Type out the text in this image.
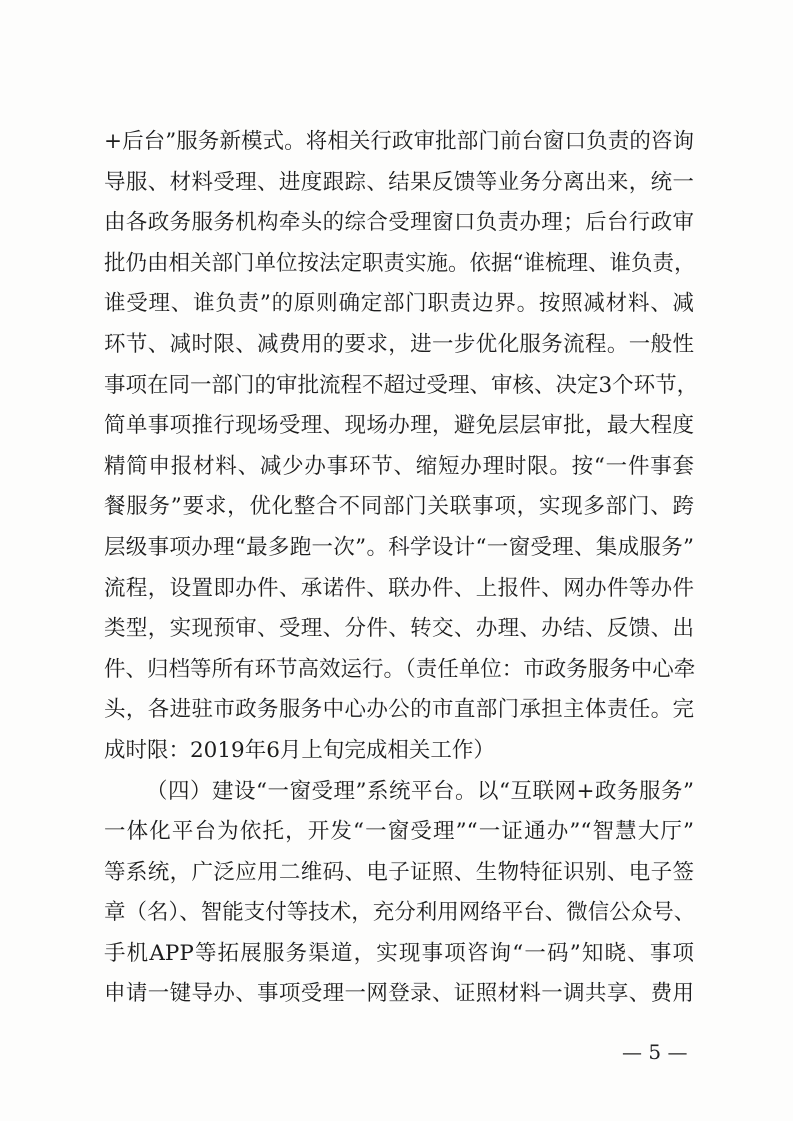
+后台”服务新模式。将相关行政审批部门前台窗口负责的咨询
导服、材料受理、进度跟踪、结果反馈等业务分离出来，统一
由各政务服务机构牵头的综合受理窗口负责办理；后台行政审
批仍由相关部门单位按法定职责实施。依据“谁梳理、谁负责，
谁受理、谁负责”的原则确定部门职责边界。按照减材料、减
环节、减时限、减费用的要求，进一步优化服务流程。一般性
事项在同一部门的审批流程不超过受理、审核、决定3个环节，
简单事项推行现场受理、现场办理，避免层层审批，最大程度
精简申报材料、减少办事环节、缩短办理时限。按“一件事套
餐服务”要求，优化整合不同部门关联事项，实现多部门、跨
层级事项办理“最多跑一次”。科学设计“一窗受理、集成服务”
流程，设置即办件、承诺件、联办件、上报件、网办件等办件
类型，实现预审、受理、分件、转交、办理、办结、反馈、出
件、归档等所有环节高效运行。（责任单位：市政务服务中心牵
头，各进驻市政务服务中心办公的市直部门承担主体责任。完
成时限：2019年6月上旬完成相关工作）
（四）建设“一窗受理”系统平台。以“互联网+政务服务”
一体化平台为依托，开发“一窗受理”“一证通办”“智慧大厅”
等系统，广泛应用二维码、电子证照、生物特征识别、电子签
章（名）、智能支付等技术，充分利用网络平台、微信公众号、
手机APP等拓展服务渠道，实现事项咨询“一码”知晓、事项
申请一键导办、事项受理一网登录、证照材料一调共享、费用
— 5 —
